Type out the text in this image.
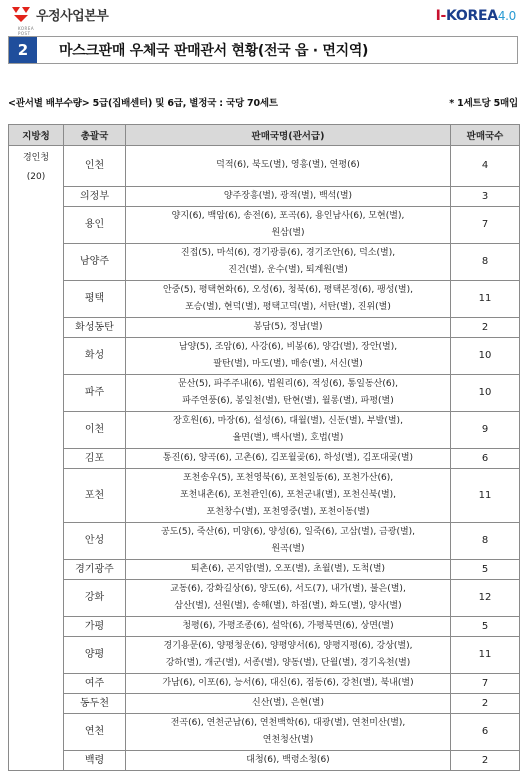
KOREA POST
우정사업본부	I-KOREA4.0
2	마스크판매 우체국 판매관서 현황(전국 읍 · 면지역)
<관서별 배부수량> 5급(집배센터) 및 6급, 별정국 : 국당 70세트	* 1세트당 5매입
지방청	총괄국	판매국명(관서급)	판매국수

경인청
(20)	인천	덕적(6), 북도(별), 영흥(별), 연평(6)	4
	의정부	양주장흥(별), 광적(별), 백석(별)	3
	용인	양지(6), 백암(6), 송전(6), 포곡(6), 용인남사(6), 모현(별),
원삼(별)	7
	남양주	진접(5), 마석(6), 경기광릉(6), 경기조안(6), 덕소(별),
진건(별), 운수(별), 퇴계원(별)	8
	평택	안중(5), 평택현화(6), 오성(6), 청북(6), 평택본정(6), 팽성(별),
포승(별), 현덕(별), 평택고덕(별), 서탄(별), 진위(별)	11
	화성동탄	봉담(5), 정남(별)	2
	화성	남양(5), 조암(6), 사강(6), 비봉(6), 양감(별), 장안(별),
팔탄(별), 마도(별), 매송(별), 서신(별)	10
	파주	문산(5), 파주주내(6), 법원리(6), 적성(6), 통일동산(6),
파주연풍(6), 봉일천(별), 탄현(별), 월롱(별), 파평(별)	10
	이천	장호원(6), 마장(6), 설성(6), 대월(별), 신둔(별), 부발(별),
율면(별), 백사(별), 호법(별)	9
	김포	통진(6), 양곡(6), 고촌(6), 김포월곶(6), 하성(별), 김포대곶(별)	6
	포천	포천송우(5), 포천영북(6), 포천일동(6), 포천가산(6),
포천내촌(6), 포천관인(6), 포천군내(별), 포천신북(별),
포천창수(별), 포천영중(별), 포천이동(별)	11
	안성	공도(5), 죽산(6), 미양(6), 양성(6), 일죽(6), 고삼(별), 금광(별),
원곡(별)	8
	경기광주	퇴촌(6), 곤지암(별), 오포(별), 초월(별), 도척(별)	5
	강화	교동(6), 강화길상(6), 양도(6), 서도(7), 내가(별), 불은(별),
삼산(별), 선원(별), 송해(별), 하점(별), 화도(별), 양사(별)	12
	가평	청평(6), 가평조종(6), 설악(6), 가평북면(6), 상면(별)	5
	양평	경기용문(6), 양평청운(6), 양평양서(6), 양평지평(6), 강상(별),
강하(별), 개군(별), 서종(별), 양동(별), 단월(별), 경기옥천(별)	11
	여주	가남(6), 이포(6), 능서(6), 대신(6), 점동(6), 강천(별), 북내(별)	7
	동두천	신산(별), 은현(별)	2
	연천	전곡(6), 연천군남(6), 연천백학(6), 대광(별), 연천미산(별),
연천청산(별)	6
	백령	대청(6), 백령소청(6)	2
